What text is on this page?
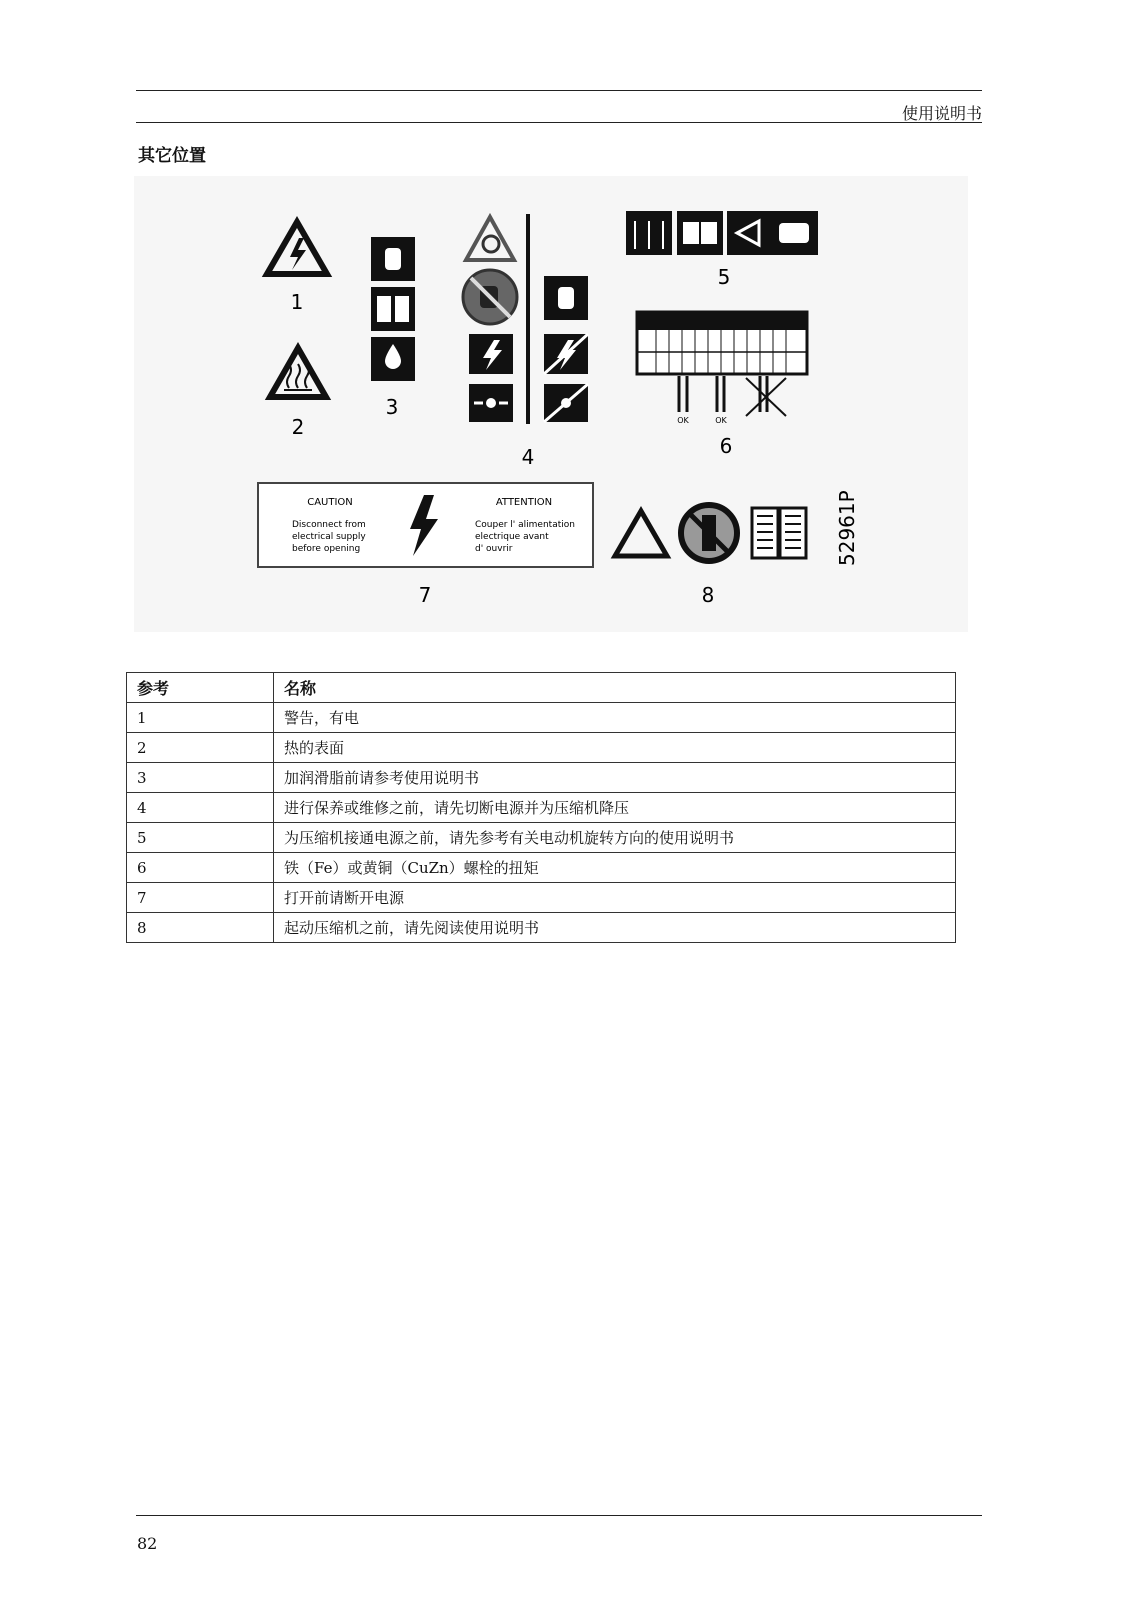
使用说明书
其它位置
1
2
3
4
5
OK	OK
6
CAUTION
Disconnect from
electrical supply
before opening
ATTENTION
Couper l' alimentation
electrique avant
d' ouvrir
7	8
52961P
参考	名称
1	警告，有电
2	热的表面
3	加润滑脂前请参考使用说明书
4	进行保养或维修之前，请先切断电源并为压缩机降压
5	为压缩机接通电源之前，请先参考有关电动机旋转方向的使用说明书
6	铁（Fe）或黄铜（CuZn）螺栓的扭矩
7	打开前请断开电源
8	起动压缩机之前，请先阅读使用说明书
82
